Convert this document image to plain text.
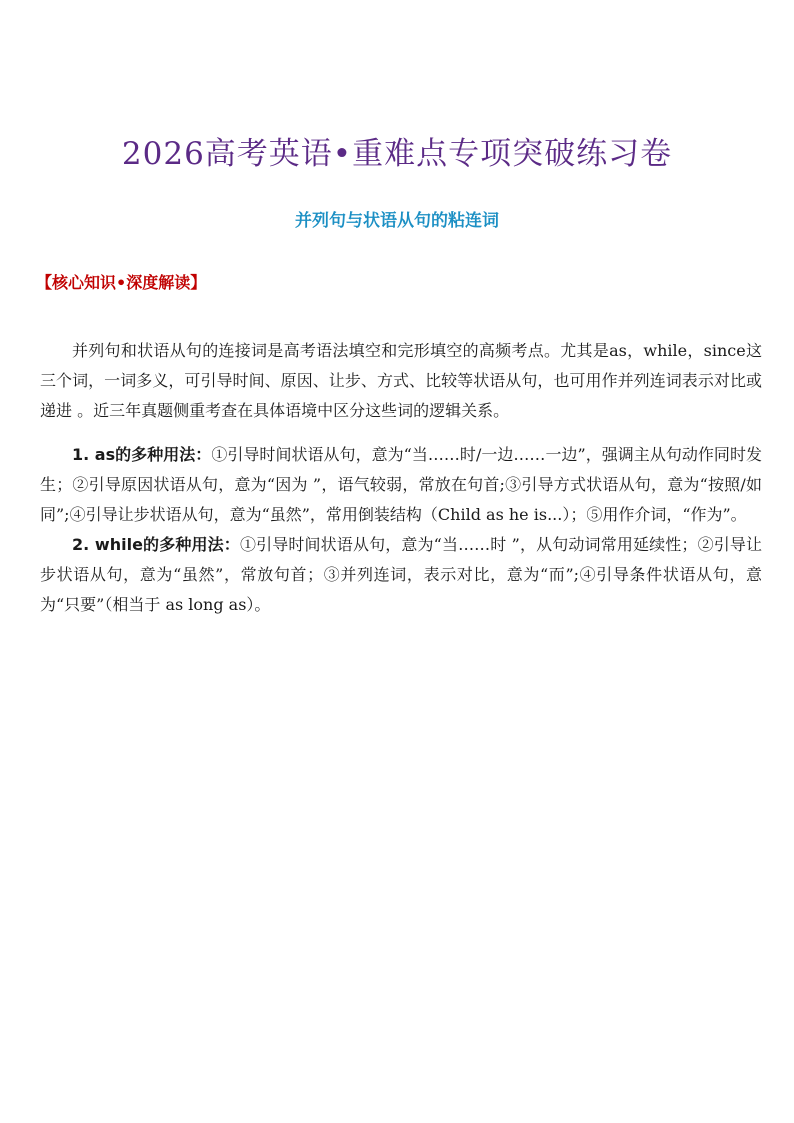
2026高考英语•重难点专项突破练习卷
并列句与状语从句的粘连词
【核心知识•深度解读】

并列句和状语从句的连接词是高考语法填空和完形填空的高频考点。尤其是as，while，since这三个词，一词多义，可引导时间、原因、让步、方式、比较等状语从句，也可用作并列连词表示对比或递进 。近三年真题侧重考查在具体语境中区分这些词的逻辑关系。

1. as的多种用法：①引导时间状语从句，意为“当……时/一边……一边”，强调主从句动作同时发生；②引导原因状语从句，意为“因为 ”，语气较弱，常放在句首;③引导方式状语从句，意为“按照/如同”;④引导让步状语从句，意为“虽然”，常用倒装结构（Child as he is...）；⑤用作介词，“作为”。

2. while的多种用法：①引导时间状语从句，意为“当……时 ”，从句动词常用延续性；②引导让步状语从句，意为“虽然”，常放句首；③并列连词，表示对比，意为“而”;④引导条件状语从句，意为“只要”（相当于 as long as）。
